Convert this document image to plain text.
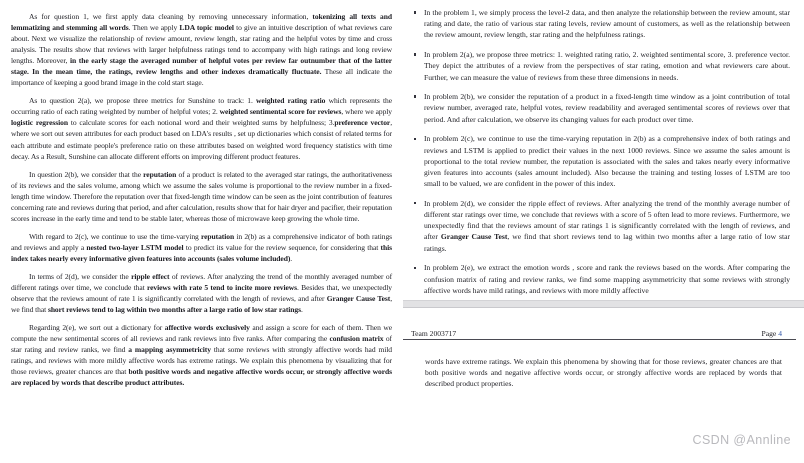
As for question 1, we first apply data cleaning by removing unnecessary information, tokenizing all texts and lemmatizing and stemming all words. Then we apply LDA topic model to give an intuitive description of what reviews care about. Next we visualize the relationship of review amount, review length, star rating and the helpful votes by time and cross analysis. The results show that reviews with larger helpfulness ratings tend to accompany with high ratings and long review lengths. Moreover, in the early stage the averaged number of helpful votes per review far outnumber that of the latter stage. In the mean time, the ratings, review lengths and other indexes dramatically fluctuate. These all indicate the importance of keeping a good brand image in the cold start stage.

As to question 2(a), we propose three metrics for Sunshine to track: 1. weighted rating ratio which represents the occurring ratio of each rating weighted by number of helpful votes; 2. weighted sentimental score for reviews, where we apply logistic regression to calculate scores for each notional word and their weighted sums by helpfulness; 3.preference vector, where we sort out seven attributes for each product based on LDA's results , set up dictionaries which consist of related terms for each attribute and estimate people's preference ratio on these attributes based on weighted word frequency statistics with time decay. As a Result, Sunshine can allocate different efforts on improving different product features.

In question 2(b), we consider that the reputation of a product is related to the averaged star ratings, the authoritativeness of its reviews and the sales volume, among which we assume the sales volume is proportional to the review number in a fixed-length time window. Therefore the reputation over that fixed-length time window can be seen as the joint contribution of features concerning rate and reviews during that period, and after calculation, results show that for hair dryer and pacifier, their reputation scores increase in the early time and tend to be stable later, whereas those of microwave keep growing the whole time.

With regard to 2(c), we continue to use the time-varying reputation in 2(b) as a comprehensive indicator of both ratings and reviews and apply a nested two-layer LSTM model to predict its value for the review sequence, for considering that this index takes nearly every informative given features into accounts (sales volume included).

In terms of 2(d), we consider the ripple effect of reviews. After analyzing the trend of the monthly averaged number of different ratings over time, we conclude that reviews with rate 5 tend to incite more reviews. Besides that, we unexpectedly observe that the reviews amount of rate 1 is significantly correlated with the length of reviews, and after Granger Cause Test, we find that short reviews tend to lag within two months after a large ratio of low star ratings.

Regarding 2(e), we sort out a dictionary for affective words exclusively and assign a score for each of them. Then we compute the new sentimental scores of all reviews and rank reviews into five ranks. After comparing the confusion matrix of star rating and review ranks, we find a mapping asymmetricity that some reviews with strongly affective words had mild ratings, and reviews with more mildly affective words has extreme ratings. We explain this phenomena by visualizing that for those reviews, greater chances are that both positive words and negative affective words occur, or strongly affective words are replaced by words that describe product attributes.

In the problem 1, we simply process the level-2 data, and then analyze the relationship between the review amount, star rating and date, the ratio of various star rating levels, review amount of customers, as well as the relationship between the review amount, review length, star rating and the helpfulness ratings.
In problem 2(a), we propose three metrics: 1. weighted rating ratio, 2. weighted sentimental score, 3. preference vector. They depict the attributes of a review from the perspectives of star rating, emotion and what reviewers care about. Further, we can measure the value of reviews from these three dimensions in needs.
In problem 2(b), we consider the reputation of a product in a fixed-length time window as a joint contribution of total review number, averaged rate, helpful votes, review readability and averaged sentimental scores of reviews over that period. And after calculation, we observe its changing values for each product over time.
In problem 2(c), we continue to use the time-varying reputation in 2(b) as a comprehensive index of both ratings and reviews and LSTM is applied to predict their values in the next 1000 reviews. Since we assume the sales amount is proportional to the total review number, the reputation is associated with the sales and takes nearly every informative given features into accounts (sales amount included). Also because the training and testing losses of LSTM are too small to be valued, we are confident in the power of this index.
In problem 2(d), we consider the ripple effect of reviews. After analyzing the trend of the monthly average number of different star ratings over time, we conclude that reviews with a score of 5 often lead to more reviews. Furthermore, we unexpectedly find that the reviews amount of star ratings 1 is significantly correlated with the length of reviews, and after Granger Cause Test, we find that short reviews tend to lag within two months after a large ratio of low star ratings.
In problem 2(e), we extract the emotion words , score and rank the reviews based on the words. After comparing the confusion matrix of rating and review ranks, we find some mapping asymmetricity that some reviews with strongly affective words have mild ratings, and reviews with more mildly affective
Team 2003717	Page 4

words have extreme ratings. We explain this phenomena by showing that for those reviews, greater chances are that both positive words and negative affective words occur, or strongly affective words are replaced by words that described product properties.

CSDN @Annline
